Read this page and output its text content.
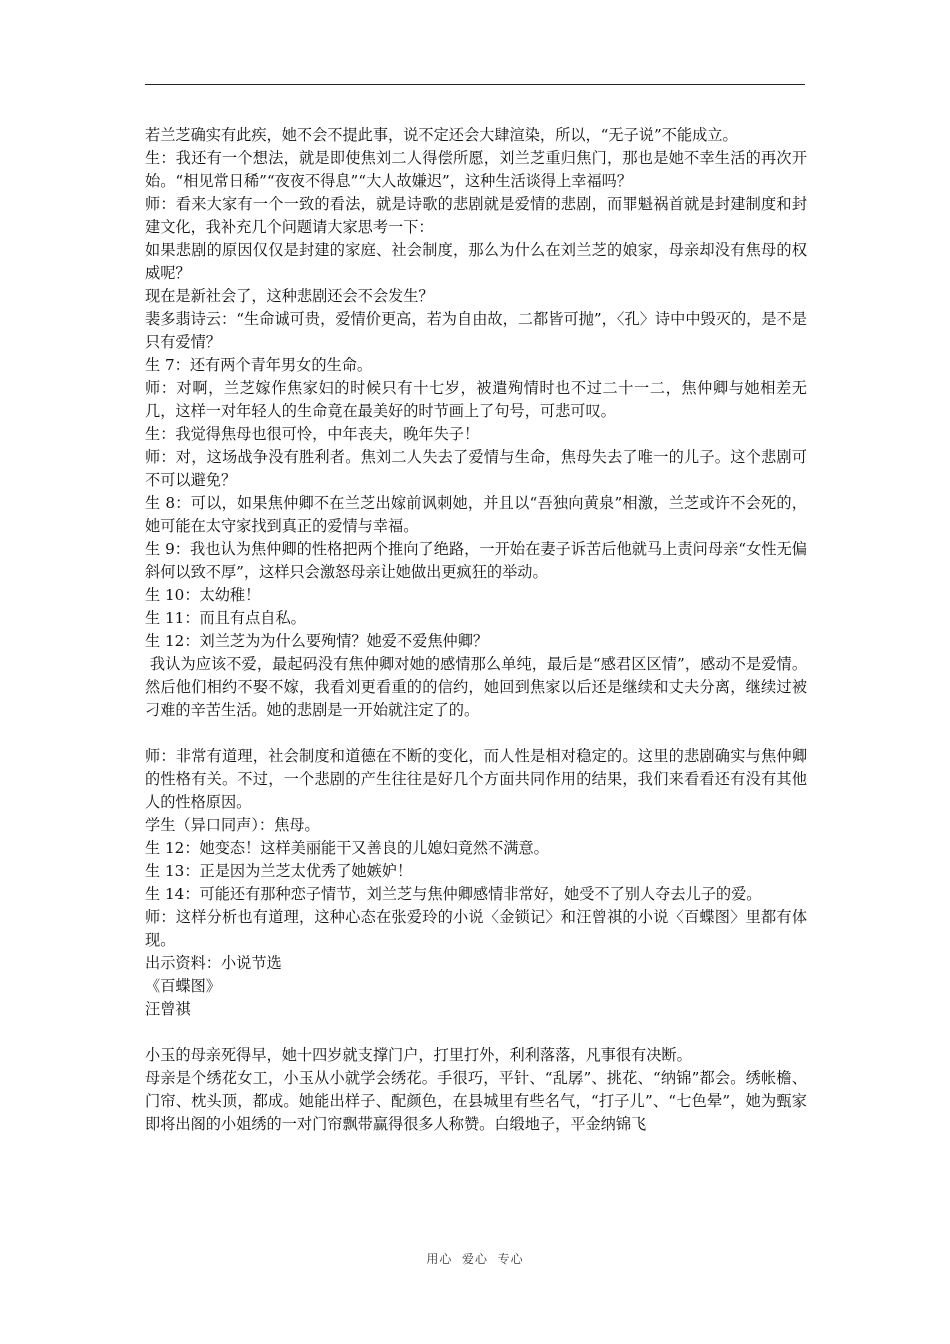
若兰芝确实有此疾，她不会不提此事，说不定还会大肆渲染，所以，“无子说”不能成立。

生：我还有一个想法，就是即使焦刘二人得偿所愿，刘兰芝重归焦门，那也是她不幸生活的再次开始。“相见常日稀”“夜夜不得息”“大人故嫌迟”，这种生活谈得上幸福吗？

师：看来大家有一个一致的看法，就是诗歌的悲剧就是爱情的悲剧，而罪魁祸首就是封建制度和封建文化，我补充几个问题请大家思考一下：

如果悲剧的原因仅仅是封建的家庭、社会制度，那么为什么在刘兰芝的娘家，母亲却没有焦母的权威呢？

现在是新社会了，这种悲剧还会不会发生？

裴多翡诗云：“生命诚可贵，爱情价更高，若为自由故，二都皆可抛”，〈孔〉诗中中毁灭的，是不是只有爱情？

生 7：还有两个青年男女的生命。

师：对啊，兰芝嫁作焦家妇的时候只有十七岁，被遣殉情时也不过二十一二，焦仲卿与她相差无几，这样一对年轻人的生命竟在最美好的时节画上了句号，可悲可叹。

生：我觉得焦母也很可怜，中年丧夫，晚年失子！

师：对，这场战争没有胜利者。焦刘二人失去了爱情与生命，焦母失去了唯一的儿子。这个悲剧可不可以避免？

生 8：可以，如果焦仲卿不在兰芝出嫁前讽刺她，并且以“吾独向黄泉”相激，兰芝或许不会死的，她可能在太守家找到真正的爱情与幸福。

生 9：我也认为焦仲卿的性格把两个推向了绝路，一开始在妻子诉苦后他就马上责问母亲“女性无偏斜何以致不厚”，这样只会激怒母亲让她做出更疯狂的举动。

生 10：太幼稚！

生 11：而且有点自私。

生 12：刘兰芝为为什么要殉情？她爱不爱焦仲卿？

我认为应该不爱，最起码没有焦仲卿对她的感情那么单纯，最后是“感君区区情”，感动不是爱情。然后他们相约不娶不嫁，我看刘更看重的的信约，她回到焦家以后还是继续和丈夫分离，继续过被刁难的辛苦生活。她的悲剧是一开始就注定了的。

师：非常有道理，社会制度和道德在不断的变化，而人性是相对稳定的。这里的悲剧确实与焦仲卿的性格有关。不过，一个悲剧的产生往往是好几个方面共同作用的结果，我们来看看还有没有其他人的性格原因。

学生（异口同声）：焦母。

生 12：她变态！这样美丽能干又善良的儿媳妇竟然不满意。

生 13：正是因为兰芝太优秀了她嫉妒！

生 14：可能还有那种恋子情节，刘兰芝与焦仲卿感情非常好，她受不了别人夺去儿子的爱。

师：这样分析也有道理，这种心态在张爱玲的小说〈金锁记〉和汪曾祺的小说〈百蝶图〉里都有体现。

出示资料：小说节选

《百蝶图》

汪曾祺

小玉的母亲死得早，她十四岁就支撑门户，打里打外，利利落落，凡事很有决断。

母亲是个绣花女工，小玉从小就学会绣花。手很巧，平针、“乱孱”、挑花、“纳锦”都会。绣帐檐、门帘、枕头顶，都成。她能出样子、配颜色，在县城里有些名气，“打子儿”、“七色晕”，她为甄家即将出阁的小姐绣的一对门帘飘带赢得很多人称赞。白缎地子，平金纳锦飞

用心  爱心  专心
